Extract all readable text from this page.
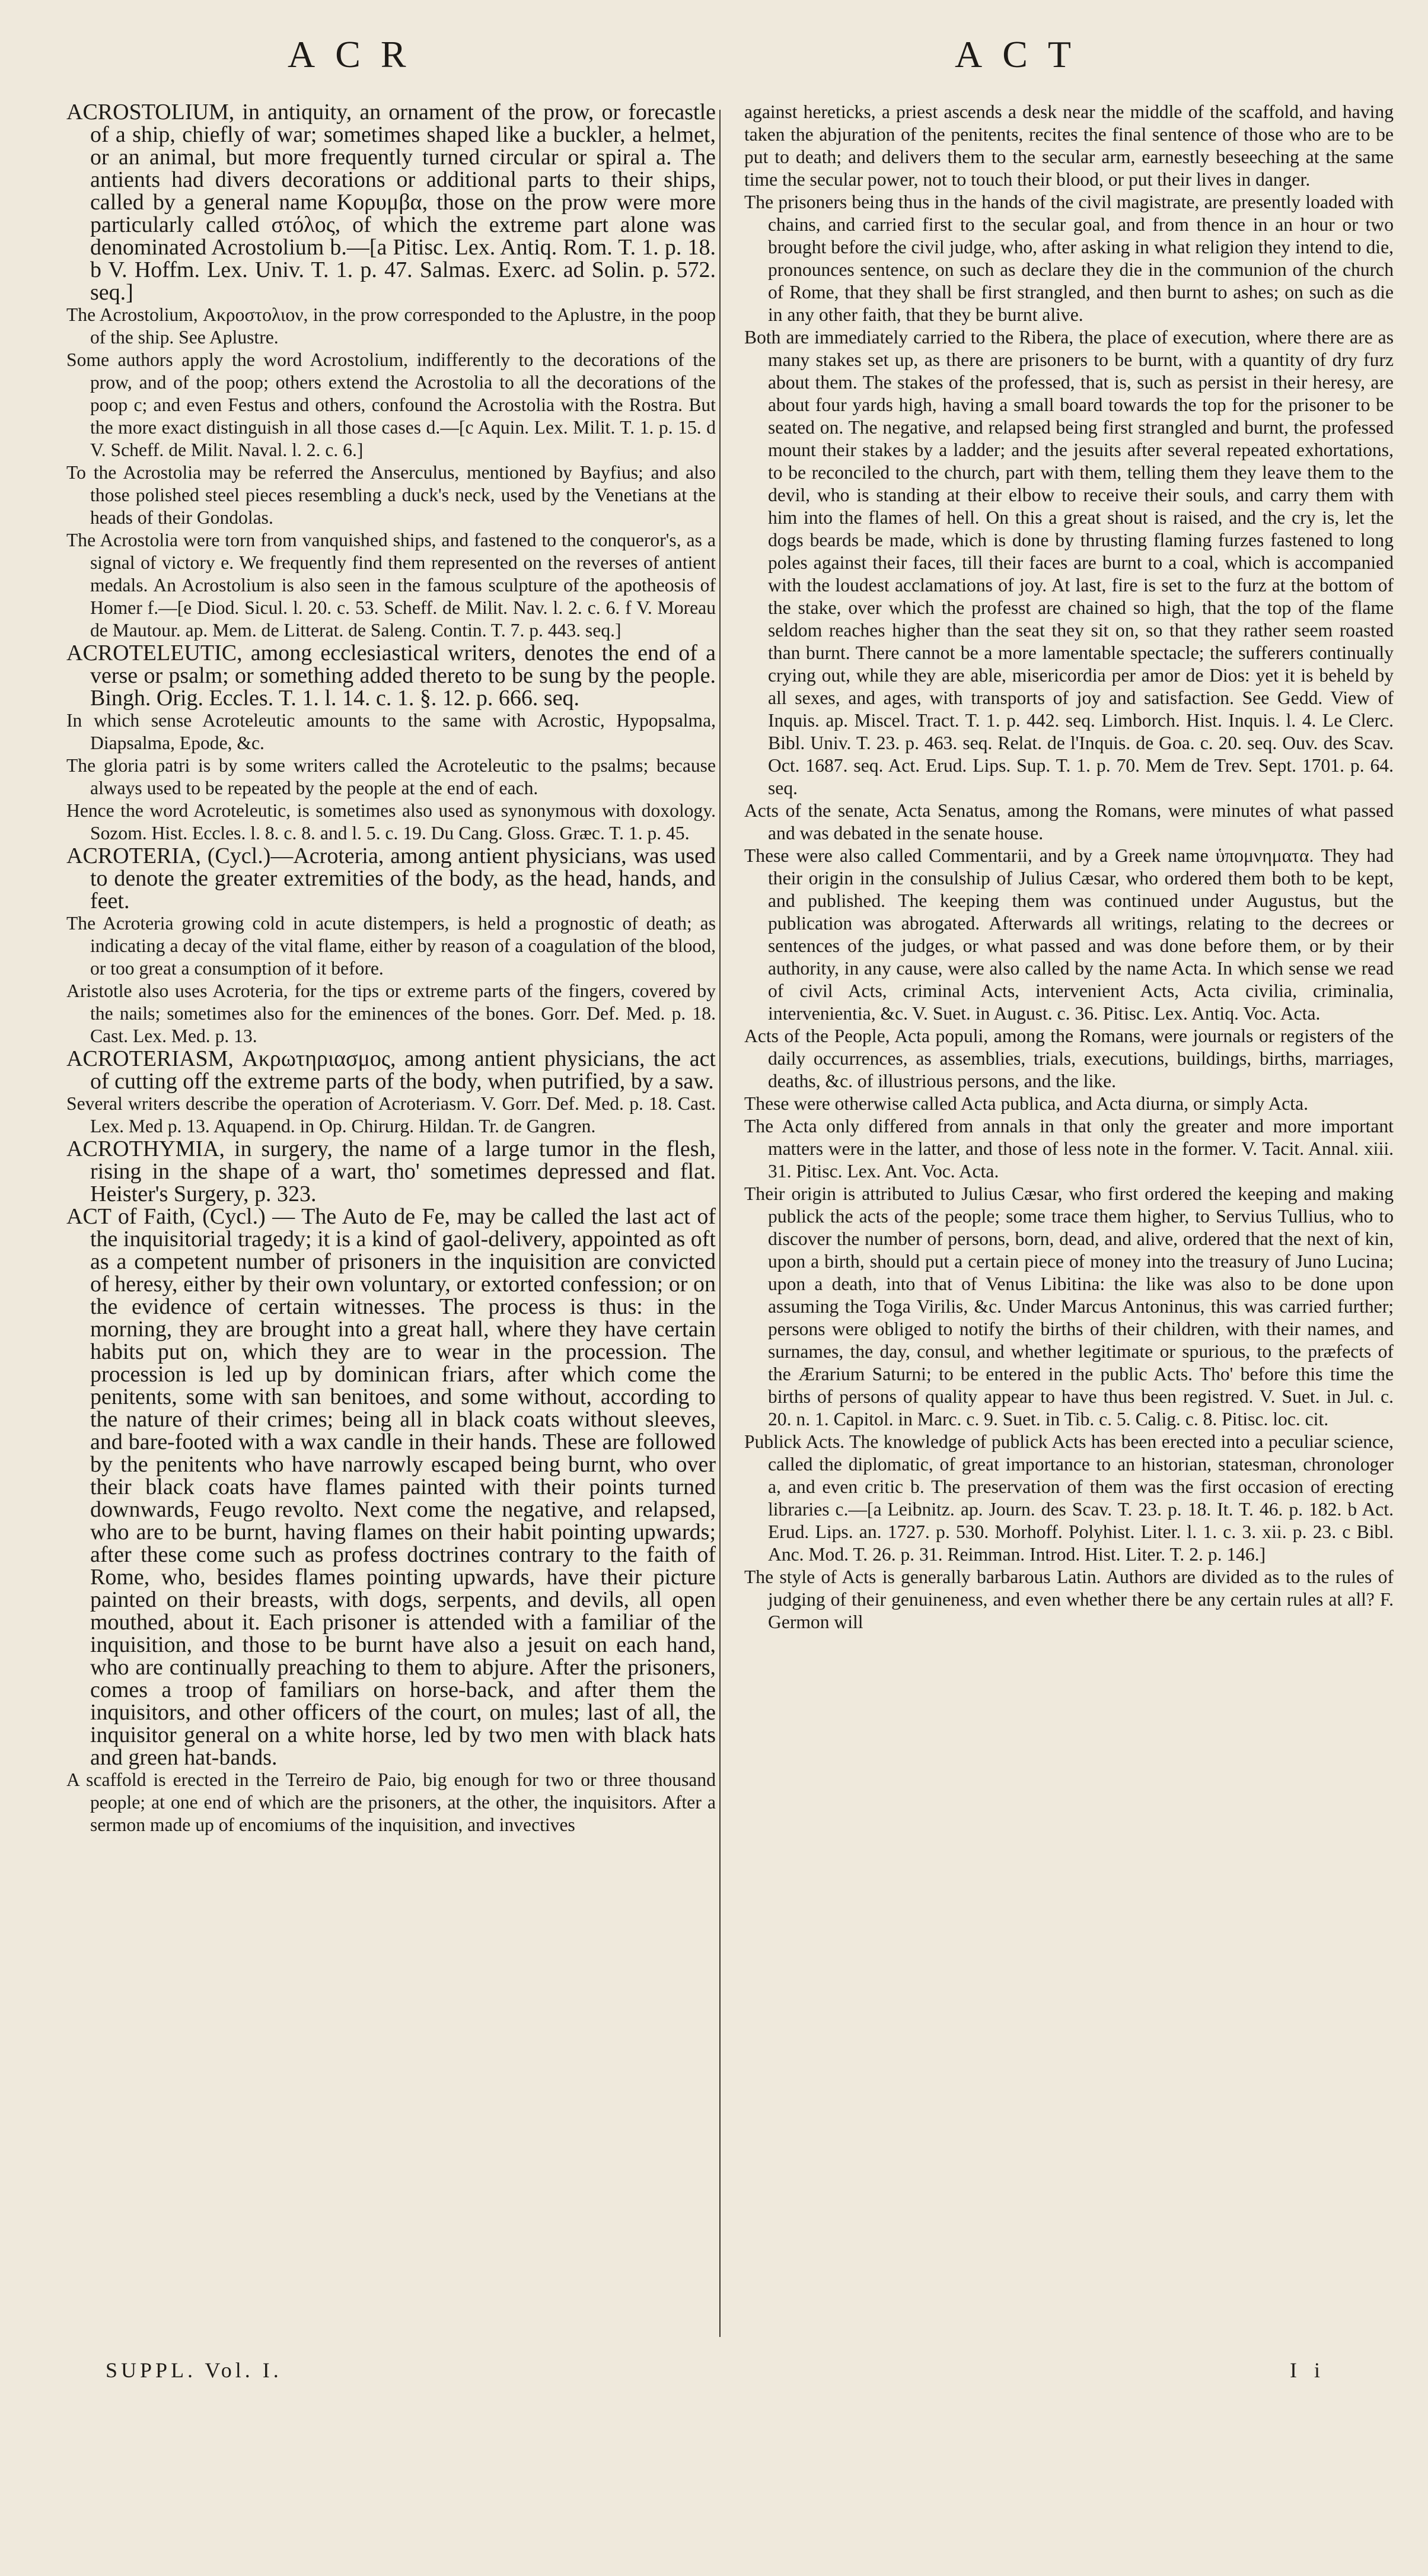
ACR	ACT

ACROSTOLIUM, in antiquity, an ornament of the prow, or forecastle of a ship, chiefly of war; sometimes shaped like a buckler, a helmet, or an animal, but more frequently turned circular or spiral a. The antients had divers decorations or additional parts to their ships, called by a general name Κορυμβα, those on the prow were more particularly called στόλος, of which the extreme part alone was denominated Acrostolium b.—[a Pitisc. Lex. Antiq. Rom. T. 1. p. 18. b V. Hoffm. Lex. Univ. T. 1. p. 47. Salmas. Exerc. ad Solin. p. 572. seq.]

The Acrostolium, Ακροστολιον, in the prow corresponded to the Aplustre, in the poop of the ship. See Aplustre.

Some authors apply the word Acrostolium, indifferently to the decorations of the prow, and of the poop; others extend the Acrostolia to all the decorations of the poop c; and even Festus and others, confound the Acrostolia with the Rostra. But the more exact distinguish in all those cases d.—[c Aquin. Lex. Milit. T. 1. p. 15. d V. Scheff. de Milit. Naval. l. 2. c. 6.]

To the Acrostolia may be referred the Anserculus, mentioned by Bayfius; and also those polished steel pieces resembling a duck's neck, used by the Venetians at the heads of their Gondolas.

The Acrostolia were torn from vanquished ships, and fastened to the conqueror's, as a signal of victory e. We frequently find them represented on the reverses of antient medals. An Acrostolium is also seen in the famous sculpture of the apotheosis of Homer f.—[e Diod. Sicul. l. 20. c. 53. Scheff. de Milit. Nav. l. 2. c. 6. f V. Moreau de Mautour. ap. Mem. de Litterat. de Saleng. Contin. T. 7. p. 443. seq.]

ACROTELEUTIC, among ecclesiastical writers, denotes the end of a verse or psalm; or something added thereto to be sung by the people. Bingh. Orig. Eccles. T. 1. l. 14. c. 1. §. 12. p. 666. seq.

In which sense Acroteleutic amounts to the same with Acrostic, Hypopsalma, Diapsalma, Epode, &c.

The gloria patri is by some writers called the Acroteleutic to the psalms; because always used to be repeated by the people at the end of each.

Hence the word Acroteleutic, is sometimes also used as synonymous with doxology. Sozom. Hist. Eccles. l. 8. c. 8. and l. 5. c. 19. Du Cang. Gloss. Græc. T. 1. p. 45.

ACROTERIA, (Cycl.)—Acroteria, among antient physicians, was used to denote the greater extremities of the body, as the head, hands, and feet.

The Acroteria growing cold in acute distempers, is held a prognostic of death; as indicating a decay of the vital flame, either by reason of a coagulation of the blood, or too great a consumption of it before.

Aristotle also uses Acroteria, for the tips or extreme parts of the fingers, covered by the nails; sometimes also for the eminences of the bones. Gorr. Def. Med. p. 18. Cast. Lex. Med. p. 13.

ACROTERIASM, Ακρωτηριασμος, among antient physicians, the act of cutting off the extreme parts of the body, when putrified, by a saw.

Several writers describe the operation of Acroteriasm. V. Gorr. Def. Med. p. 18. Cast. Lex. Med p. 13. Aquapend. in Op. Chirurg. Hildan. Tr. de Gangren.

ACROTHYMIA, in surgery, the name of a large tumor in the flesh, rising in the shape of a wart, tho' sometimes depressed and flat. Heister's Surgery, p. 323.

ACT of Faith, (Cycl.) — The Auto de Fe, may be called the last act of the inquisitorial tragedy; it is a kind of gaol-delivery, appointed as oft as a competent number of prisoners in the inquisition are convicted of heresy, either by their own voluntary, or extorted confession; or on the evidence of certain witnesses. The process is thus: in the morning, they are brought into a great hall, where they have certain habits put on, which they are to wear in the procession. The procession is led up by dominican friars, after which come the penitents, some with san benitoes, and some without, according to the nature of their crimes; being all in black coats without sleeves, and bare-footed with a wax candle in their hands. These are followed by the penitents who have narrowly escaped being burnt, who over their black coats have flames painted with their points turned downwards, Feugo revolto. Next come the negative, and relapsed, who are to be burnt, having flames on their habit pointing upwards; after these come such as profess doctrines contrary to the faith of Rome, who, besides flames pointing upwards, have their picture painted on their breasts, with dogs, serpents, and devils, all open mouthed, about it. Each prisoner is attended with a familiar of the inquisition, and those to be burnt have also a jesuit on each hand, who are continually preaching to them to abjure. After the prisoners, comes a troop of familiars on horse-back, and after them the inquisitors, and other officers of the court, on mules; last of all, the inquisitor general on a white horse, led by two men with black hats and green hat-bands.

A scaffold is erected in the Terreiro de Paio, big enough for two or three thousand people; at one end of which are the prisoners, at the other, the inquisitors. After a sermon made up of encomiums of the inquisition, and invectives

against hereticks, a priest ascends a desk near the middle of the scaffold, and having taken the abjuration of the penitents, recites the final sentence of those who are to be put to death; and delivers them to the secular arm, earnestly beseeching at the same time the secular power, not to touch their blood, or put their lives in danger.

The prisoners being thus in the hands of the civil magistrate, are presently loaded with chains, and carried first to the secular goal, and from thence in an hour or two brought before the civil judge, who, after asking in what religion they intend to die, pronounces sentence, on such as declare they die in the communion of the church of Rome, that they shall be first strangled, and then burnt to ashes; on such as die in any other faith, that they be burnt alive.

Both are immediately carried to the Ribera, the place of execution, where there are as many stakes set up, as there are prisoners to be burnt, with a quantity of dry furz about them. The stakes of the professed, that is, such as persist in their heresy, are about four yards high, having a small board towards the top for the prisoner to be seated on. The negative, and relapsed being first strangled and burnt, the professed mount their stakes by a ladder; and the jesuits after several repeated exhortations, to be reconciled to the church, part with them, telling them they leave them to the devil, who is standing at their elbow to receive their souls, and carry them with him into the flames of hell. On this a great shout is raised, and the cry is, let the dogs beards be made, which is done by thrusting flaming furzes fastened to long poles against their faces, till their faces are burnt to a coal, which is accompanied with the loudest acclamations of joy. At last, fire is set to the furz at the bottom of the stake, over which the professt are chained so high, that the top of the flame seldom reaches higher than the seat they sit on, so that they rather seem roasted than burnt. There cannot be a more lamentable spectacle; the sufferers continually crying out, while they are able, misericordia per amor de Dios: yet it is beheld by all sexes, and ages, with transports of joy and satisfaction. See Gedd. View of Inquis. ap. Miscel. Tract. T. 1. p. 442. seq. Limborch. Hist. Inquis. l. 4. Le Clerc. Bibl. Univ. T. 23. p. 463. seq. Relat. de l'Inquis. de Goa. c. 20. seq. Ouv. des Scav. Oct. 1687. seq. Act. Erud. Lips. Sup. T. 1. p. 70. Mem de Trev. Sept. 1701. p. 64. seq.

Acts of the senate, Acta Senatus, among the Romans, were minutes of what passed and was debated in the senate house.

These were also called Commentarii, and by a Greek name ὑπομνηματα. They had their origin in the consulship of Julius Cæsar, who ordered them both to be kept, and published. The keeping them was continued under Augustus, but the publication was abrogated. Afterwards all writings, relating to the decrees or sentences of the judges, or what passed and was done before them, or by their authority, in any cause, were also called by the name Acta. In which sense we read of civil Acts, criminal Acts, intervenient Acts, Acta civilia, criminalia, intervenientia, &c. V. Suet. in August. c. 36. Pitisc. Lex. Antiq. Voc. Acta.

Acts of the People, Acta populi, among the Romans, were journals or registers of the daily occurrences, as assemblies, trials, executions, buildings, births, marriages, deaths, &c. of illustrious persons, and the like.

These were otherwise called Acta publica, and Acta diurna, or simply Acta.

The Acta only differed from annals in that only the greater and more important matters were in the latter, and those of less note in the former. V. Tacit. Annal. xiii. 31. Pitisc. Lex. Ant. Voc. Acta.

Their origin is attributed to Julius Cæsar, who first ordered the keeping and making publick the acts of the people; some trace them higher, to Servius Tullius, who to discover the number of persons, born, dead, and alive, ordered that the next of kin, upon a birth, should put a certain piece of money into the treasury of Juno Lucina; upon a death, into that of Venus Libitina: the like was also to be done upon assuming the Toga Virilis, &c. Under Marcus Antoninus, this was carried further; persons were obliged to notify the births of their children, with their names, and surnames, the day, consul, and whether legitimate or spurious, to the præfects of the Ærarium Saturni; to be entered in the public Acts. Tho' before this time the births of persons of quality appear to have thus been registred. V. Suet. in Jul. c. 20. n. 1. Capitol. in Marc. c. 9. Suet. in Tib. c. 5. Calig. c. 8. Pitisc. loc. cit.

Publick Acts. The knowledge of publick Acts has been erected into a peculiar science, called the diplomatic, of great importance to an historian, statesman, chronologer a, and even critic b. The preservation of them was the first occasion of erecting libraries c.—[a Leibnitz. ap. Journ. des Scav. T. 23. p. 18. It. T. 46. p. 182. b Act. Erud. Lips. an. 1727. p. 530. Morhoff. Polyhist. Liter. l. 1. c. 3. xii. p. 23. c Bibl. Anc. Mod. T. 26. p. 31. Reimman. Introd. Hist. Liter. T. 2. p. 146.]

The style of Acts is generally barbarous Latin. Authors are divided as to the rules of judging of their genuineness, and even whether there be any certain rules at all? F. Germon will

SUPPL. Vol. I.	I i
